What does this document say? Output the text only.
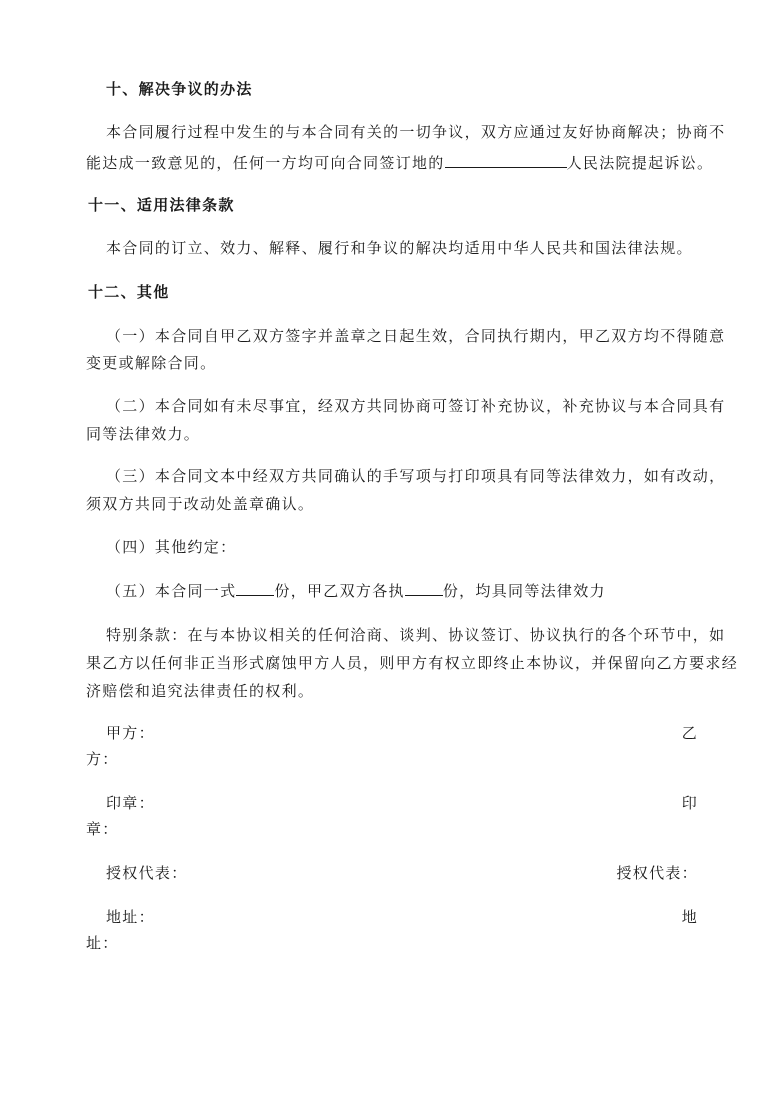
十、解决争议的办法
本合同履行过程中发生的与本合同有关的一切争议，双方应通过友好协商解决；协商不
能达成一致意见的，任何一方均可向合同签订地的	人民法院提起诉讼。
十一、适用法律条款
本合同的订立、效力、解释、履行和争议的解决均适用中华人民共和国法律法规。
十二、其他
（一）本合同自甲乙双方签字并盖章之日起生效，合同执行期内，甲乙双方均不得随意
变更或解除合同。
（二）本合同如有未尽事宜，经双方共同协商可签订补充协议，补充协议与本合同具有
同等法律效力。
（三）本合同文本中经双方共同确认的手写项与打印项具有同等法律效力，如有改动，
须双方共同于改动处盖章确认。
（四）其他约定：
（五）本合同一式	份，甲乙双方各执	份，均具同等法律效力
特别条款：在与本协议相关的任何洽商、谈判、协议签订、协议执行的各个环节中，如
果乙方以任何非正当形式腐蚀甲方人员，则甲方有权立即终止本协议，并保留向乙方要求经
济赔偿和追究法律责任的权利。
甲方：	乙
方：
印章：	印
章：
授权代表：	授权代表：
地址：	地
址：
